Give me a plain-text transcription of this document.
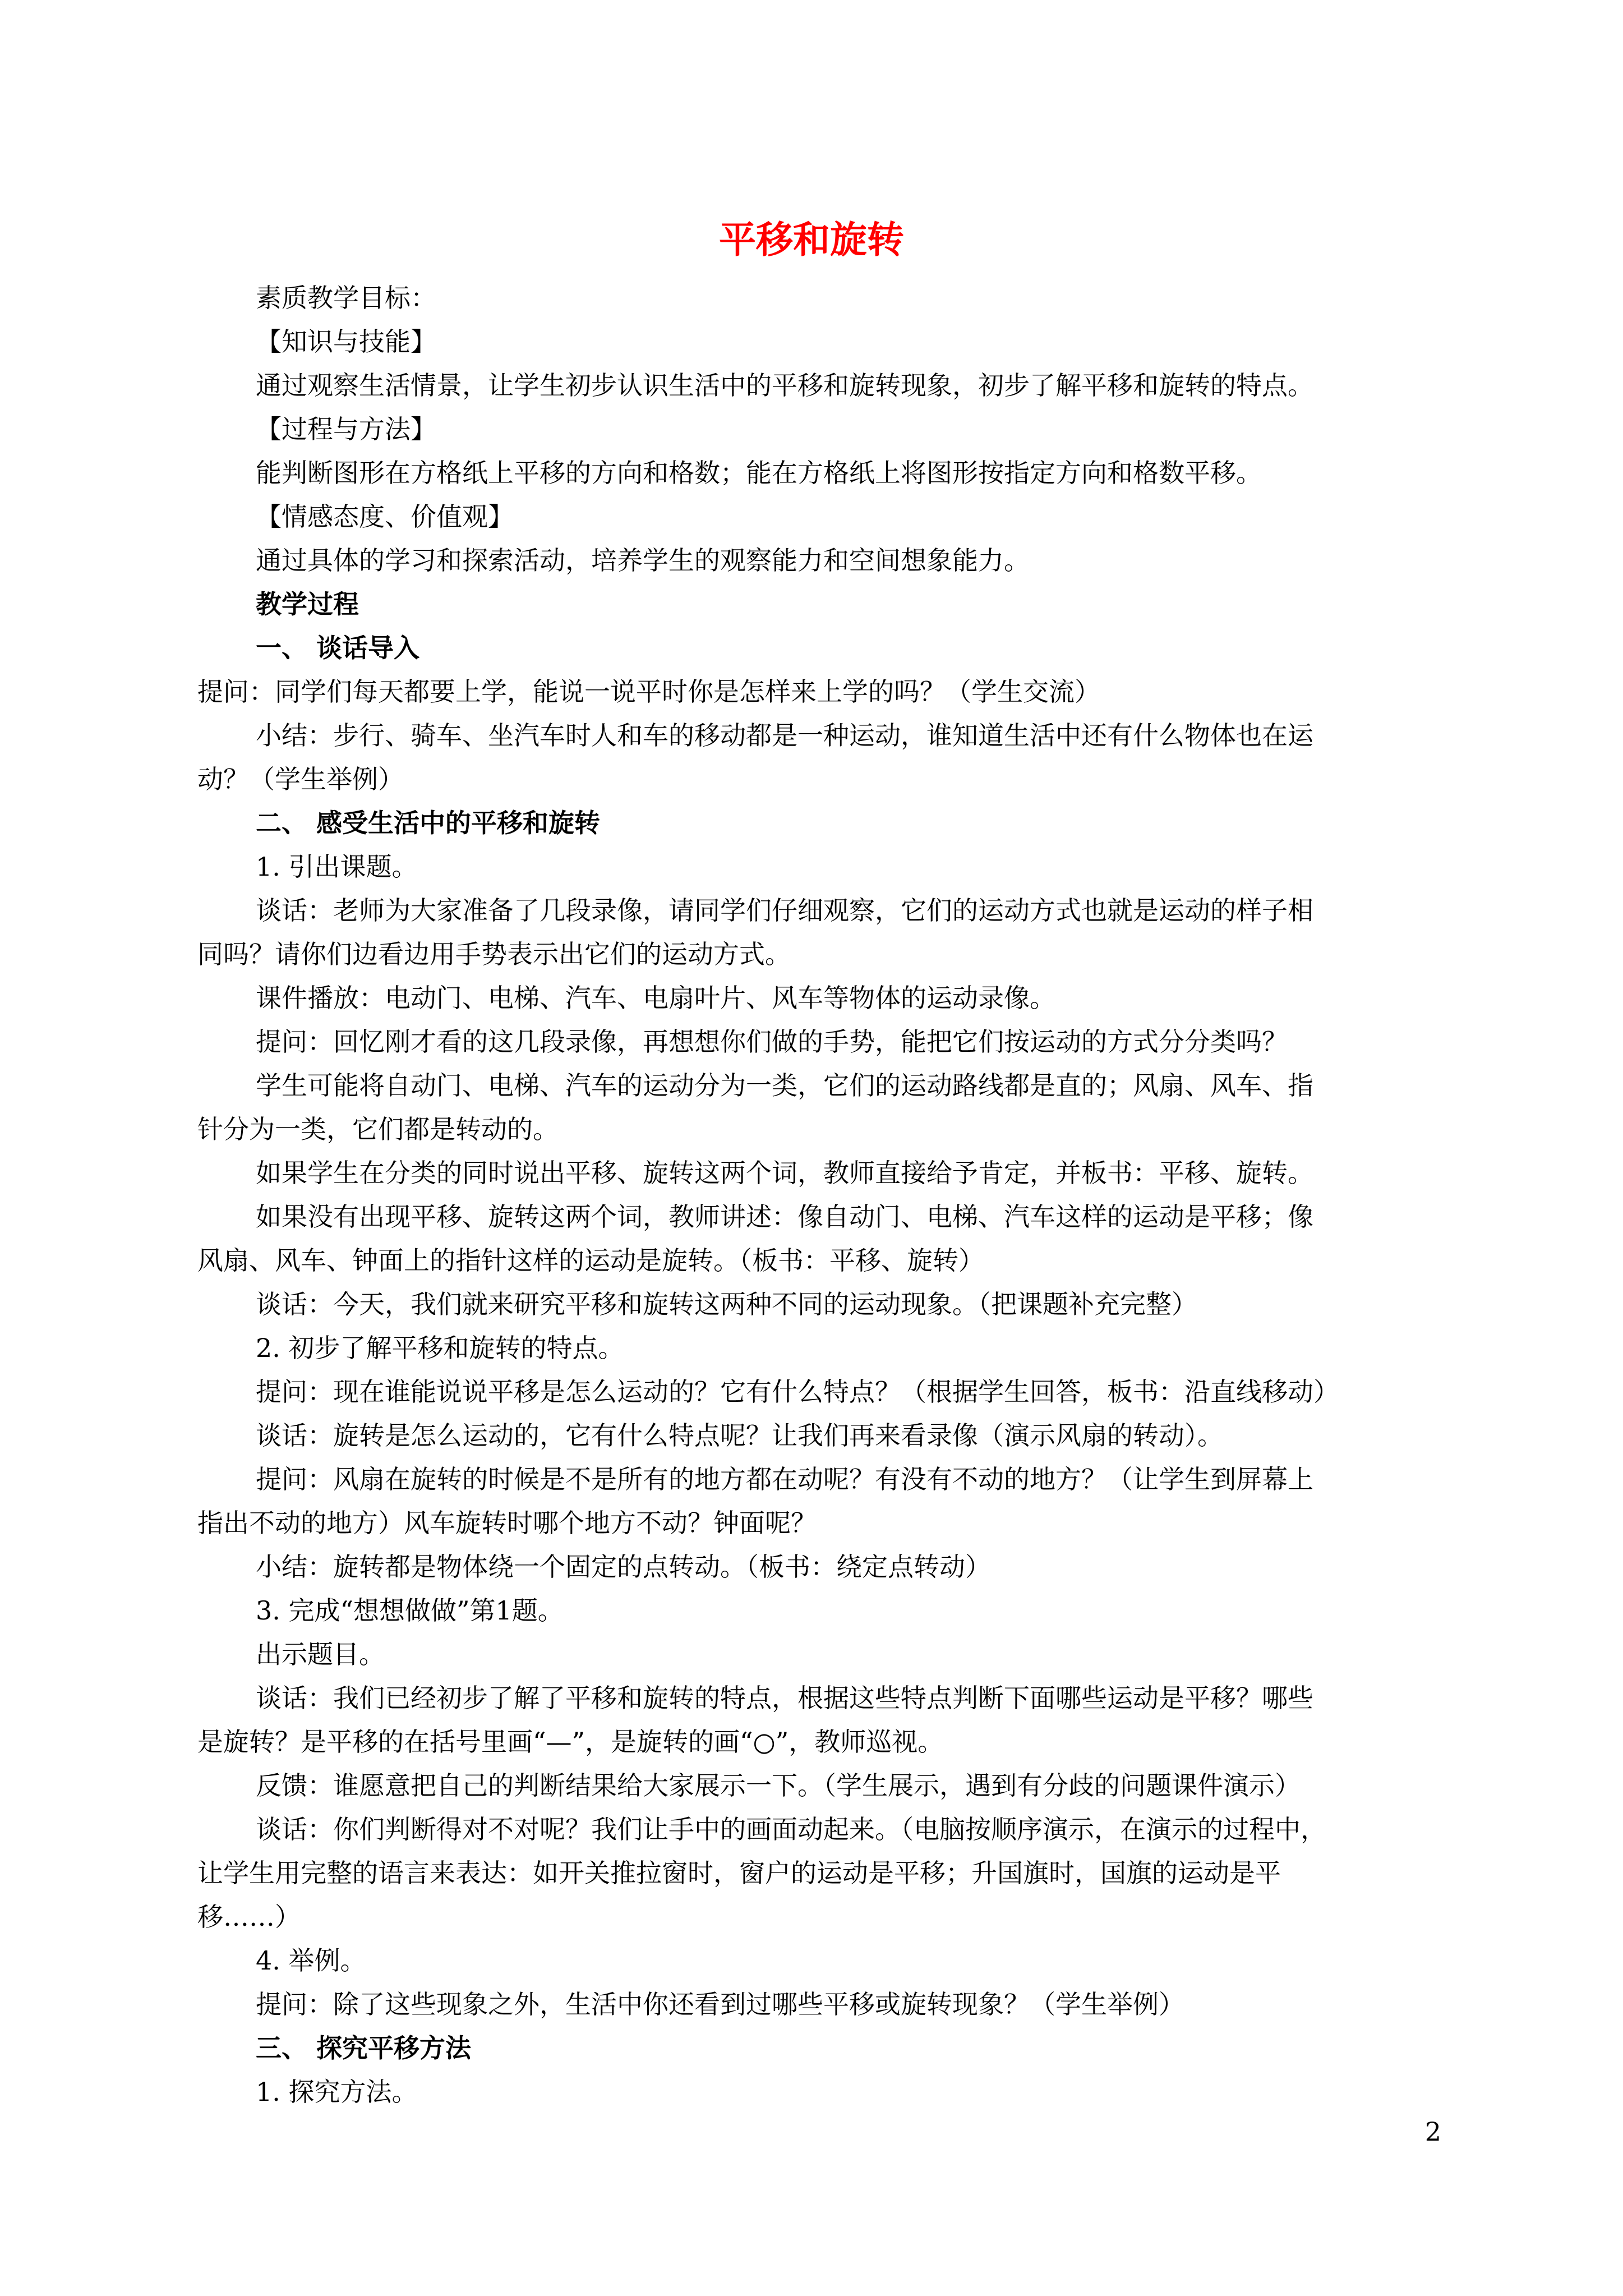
平移和旋转

素质教学目标：

【知识与技能】

通过观察生活情景，让学生初步认识生活中的平移和旋转现象，初步了解平移和旋转的特点。

【过程与方法】

能判断图形在方格纸上平移的方向和格数；能在方格纸上将图形按指定方向和格数平移。

【情感态度、价值观】

通过具体的学习和探索活动，培养学生的观察能力和空间想象能力。

教学过程

一、 谈话导入

提问：同学们每天都要上学，能说一说平时你是怎样来上学的吗？（学生交流）

小结：步行、骑车、坐汽车时人和车的移动都是一种运动，谁知道生活中还有什么物体也在运

动？（学生举例）

二、 感受生活中的平移和旋转

1. 引出课题。

谈话：老师为大家准备了几段录像，请同学们仔细观察，它们的运动方式也就是运动的样子相

同吗？请你们边看边用手势表示出它们的运动方式。

课件播放：电动门、电梯、汽车、电扇叶片、风车等物体的运动录像。

提问：回忆刚才看的这几段录像，再想想你们做的手势，能把它们按运动的方式分分类吗？

学生可能将自动门、电梯、汽车的运动分为一类，它们的运动路线都是直的；风扇、风车、指

针分为一类，它们都是转动的。

如果学生在分类的同时说出平移、旋转这两个词，教师直接给予肯定，并板书：平移、旋转。

如果没有出现平移、旋转这两个词，教师讲述：像自动门、电梯、汽车这样的运动是平移；像

风扇、风车、钟面上的指针这样的运动是旋转。（板书：平移、旋转）

谈话：今天，我们就来研究平移和旋转这两种不同的运动现象。（把课题补充完整）

2. 初步了解平移和旋转的特点。

提问：现在谁能说说平移是怎么运动的？它有什么特点？（根据学生回答，板书：沿直线移动）

谈话：旋转是怎么运动的，它有什么特点呢？让我们再来看录像（演示风扇的转动）。

提问：风扇在旋转的时候是不是所有的地方都在动呢？有没有不动的地方？（让学生到屏幕上

指出不动的地方）风车旋转时哪个地方不动？钟面呢？

小结：旋转都是物体绕一个固定的点转动。（板书：绕定点转动）

3. 完成“想想做做”第1题。

出示题目。

谈话：我们已经初步了解了平移和旋转的特点，根据这些特点判断下面哪些运动是平移？哪些

是旋转？是平移的在括号里画“—”，是旋转的画“○”，教师巡视。

反馈：谁愿意把自己的判断结果给大家展示一下。（学生展示，遇到有分歧的问题课件演示）

谈话：你们判断得对不对呢？我们让手中的画面动起来。（电脑按顺序演示，在演示的过程中，

让学生用完整的语言来表达：如开关推拉窗时，窗户的运动是平移；升国旗时，国旗的运动是平

移……）

4. 举例。

提问：除了这些现象之外，生活中你还看到过哪些平移或旋转现象？（学生举例）

三、 探究平移方法

1. 探究方法。

2
